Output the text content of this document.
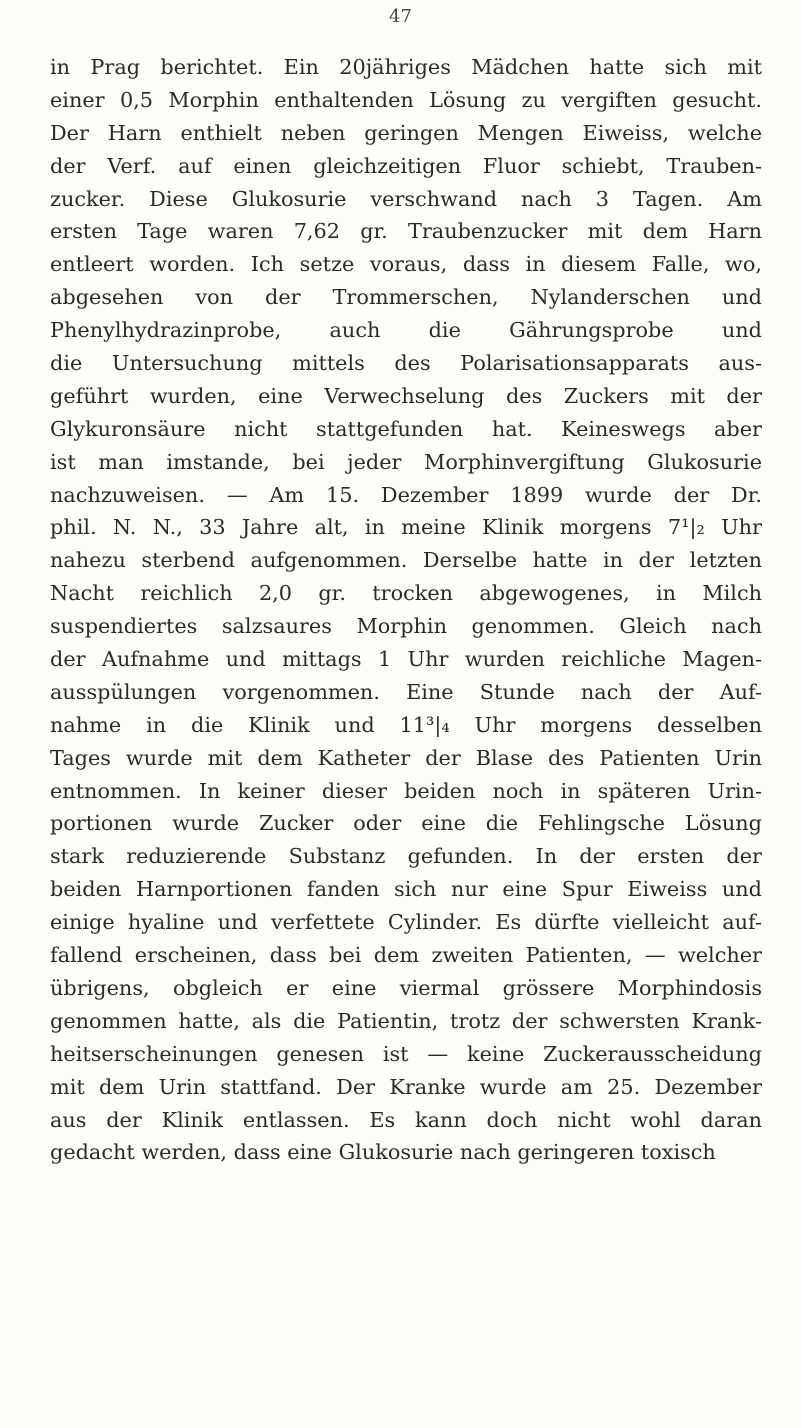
47
in Prag berichtet. Ein 20jähriges Mädchen hatte sich mit
einer 0,5 Morphin enthaltenden Lösung zu vergiften gesucht.
Der Harn enthielt neben geringen Mengen Eiweiss, welche
der Verf. auf einen gleichzeitigen Fluor schiebt, Trauben-
zucker. Diese Glukosurie verschwand nach 3 Tagen. Am
ersten Tage waren 7,62 gr. Traubenzucker mit dem Harn
entleert worden. Ich setze voraus, dass in diesem Falle, wo,
abgesehen von der Trommerschen, Nylanderschen und
Phenylhydrazinprobe, auch die Gährungsprobe und
die Untersuchung mittels des Polarisationsapparats aus-
geführt wurden, eine Verwechselung des Zuckers mit der
Glykuronsäure nicht stattgefunden hat. Keineswegs aber
ist man imstande, bei jeder Morphinvergiftung Glukosurie
nachzuweisen. — Am 15. Dezember 1899 wurde der Dr.
phil. N. N., 33 Jahre alt, in meine Klinik morgens 7¹|₂ Uhr
nahezu sterbend aufgenommen. Derselbe hatte in der letzten
Nacht reichlich 2,0 gr. trocken abgewogenes, in Milch
suspendiertes salzsaures Morphin genommen. Gleich nach
der Aufnahme und mittags 1 Uhr wurden reichliche Magen-
ausspülungen vorgenommen. Eine Stunde nach der Auf-
nahme in die Klinik und 11³|₄ Uhr morgens desselben
Tages wurde mit dem Katheter der Blase des Patienten Urin
entnommen. In keiner dieser beiden noch in späteren Urin-
portionen wurde Zucker oder eine die Fehlingsche Lösung
stark reduzierende Substanz gefunden. In der ersten der
beiden Harnportionen fanden sich nur eine Spur Eiweiss und
einige hyaline und verfettete Cylinder. Es dürfte vielleicht auf-
fallend erscheinen, dass bei dem zweiten Patienten, — welcher
übrigens, obgleich er eine viermal grössere Morphindosis
genommen hatte, als die Patientin, trotz der schwersten Krank-
heitserscheinungen genesen ist — keine Zuckerausscheidung
mit dem Urin stattfand. Der Kranke wurde am 25. Dezember
aus der Klinik entlassen. Es kann doch nicht wohl daran
gedacht werden, dass eine Glukosurie nach geringeren toxisch
